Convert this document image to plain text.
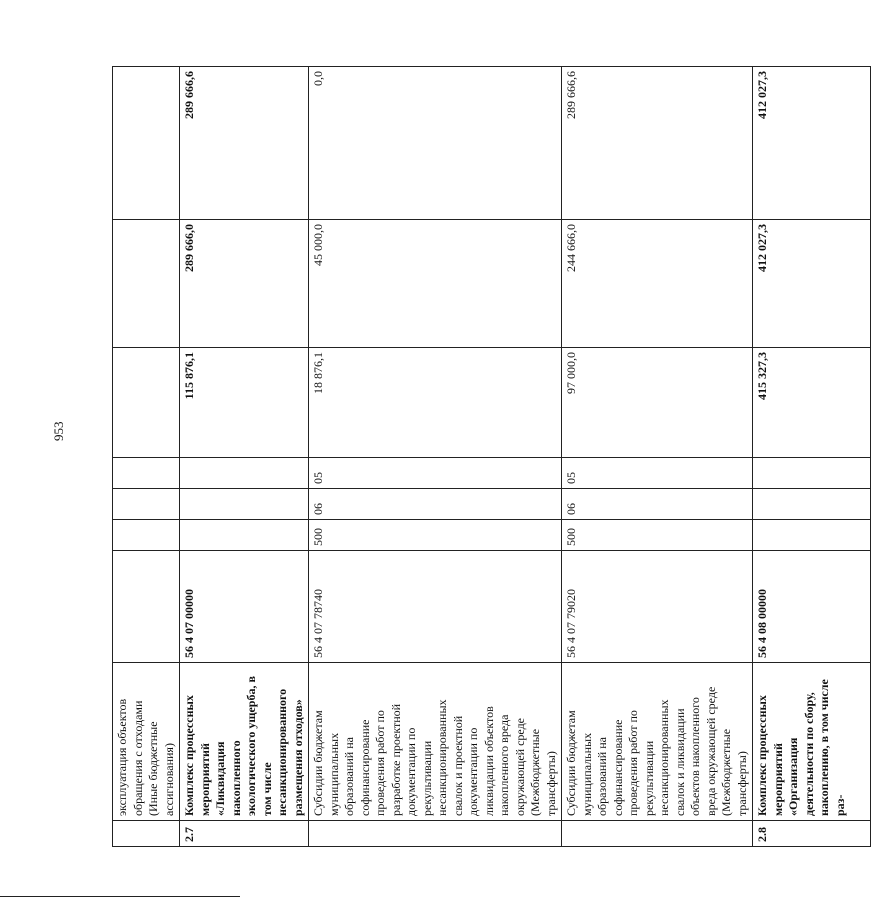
953
	эксплуатация объектов обращения с отходами (Иные бюджетные ассигнования)							
2.7	Комплекс процессных мероприятий «Ликвидация накопленного экологического ущерба, в том числе несанкционированного размещения отходов»	56 4 07 00000				115 876,1	289 666,0	289 666,6
	Субсидии бюджетам муниципальных образований на софинансирование проведения работ по разработке проектной документации по рекультивации несанкционированных свалок и проектной документации по ликвидации объектов накопленного вреда окружающей среде (Межбюджетные трансферты)	56 4 07 78740	500	06	05	18 876,1	45 000,0	0,0
	Субсидии бюджетам муниципальных образований на софинансирование проведения работ по рекультивации несанкционированных свалок и ликвидации объектов накопленного вреда окружающей среде (Межбюджетные трансферты)	56 4 07 79020	500	06	05	97 000,0	244 666,0	289 666,6
2.8	Комплекс процессных мероприятий «Организация деятельности по сбору, накоплению, в том числе раз-	56 4 08 00000				415 327,3	412 027,3	412 027,3
